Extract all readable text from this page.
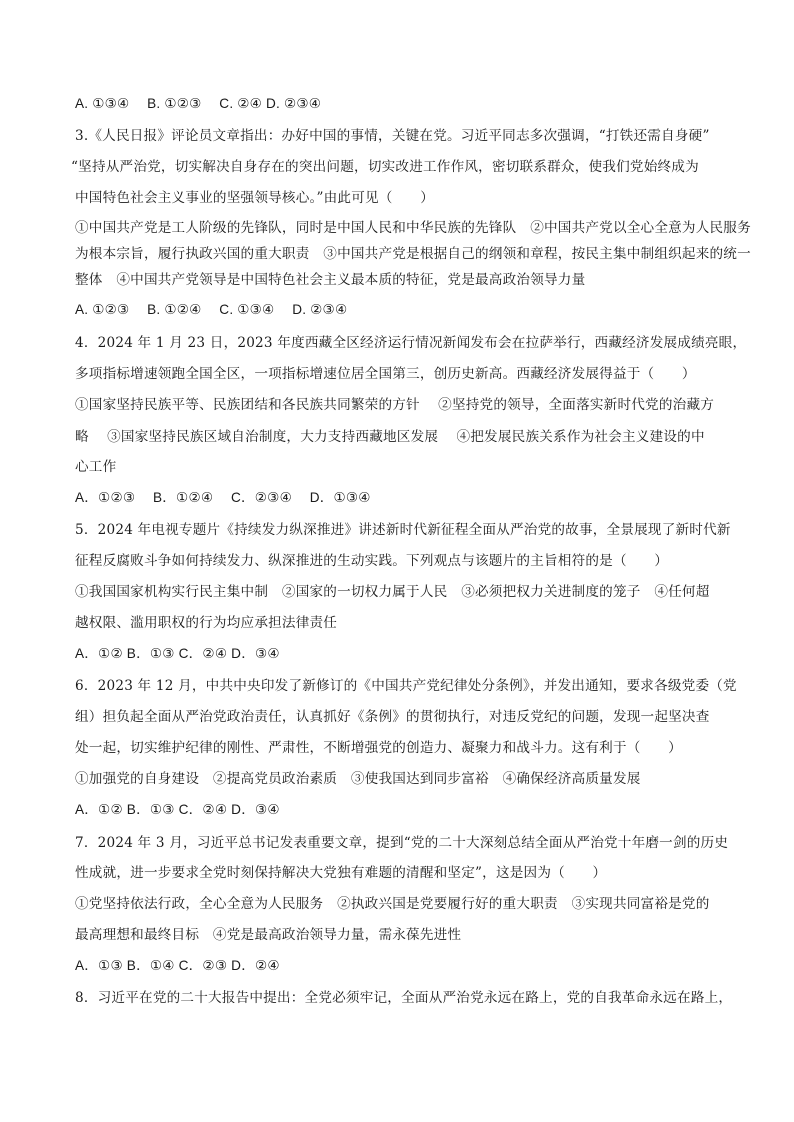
A. ①③④　 B. ①②③　 C. ②④ D. ②③④
3.《人民日报》评论员文章指出：办好中国的事情，关键在党。习近平同志多次强调，“打铁还需自身硬”
“坚持从严治党，切实解决自身存在的突出问题，切实改进工作作风，密切联系群众，使我们党始终成为
中国特色社会主义事业的坚强领导核心。”由此可见（　　）
①中国共产党是工人阶级的先锋队，同时是中国人民和中华民族的先锋队　②中国共产党以全心全意为人民服务
为根本宗旨，履行执政兴国的重大职责　③中国共产党是根据自己的纲领和章程，按民主集中制组织起来的统一
整体　④中国共产党领导是中国特色社会主义最本质的特征，党是最高政治领导力量
A. ①②③　 B. ①②④　 C. ①③④　 D. ②③④
4．2024 年 1 月 23 日，2023 年度西藏全区经济运行情况新闻发布会在拉萨举行，西藏经济发展成绩亮眼，
多项指标增速领跑全国全区，一项指标增速位居全国第三，创历史新高。西藏经济发展得益于（　　）
①国家坚持民族平等、民族团结和各民族共同繁荣的方针　 ②坚持党的领导，全面落实新时代党的治藏方
略　 ③国家坚持民族区域自治制度，大力支持西藏地区发展　 ④把发展民族关系作为社会主义建设的中
心工作
A．①②③　 B．①②④　 C．②③④　 D．①③④
5．2024 年电视专题片《持续发力纵深推进》讲述新时代新征程全面从严治党的故事，全景展现了新时代新
征程反腐败斗争如何持续发力、纵深推进的生动实践。下列观点与该题片的主旨相符的是（　　）
①我国国家机构实行民主集中制　②国家的一切权力属于人民　③必须把权力关进制度的笼子　④任何超
越权限、滥用职权的行为均应承担法律责任
A．①② B．①③ C．②④ D．③④
6．2023 年 12 月，中共中央印发了新修订的《中国共产党纪律处分条例》，并发出通知，要求各级党委（党
组）担负起全面从严治党政治责任，认真抓好《条例》的贯彻执行，对违反党纪的问题，发现一起坚决查
处一起，切实维护纪律的刚性、严肃性，不断增强党的创造力、凝聚力和战斗力。这有利于（　　）
①加强党的自身建设　②提高党员政治素质　③使我国达到同步富裕　④确保经济高质量发展
A．①② B．①③ C．②④ D．③④
7．2024 年 3 月，习近平总书记发表重要文章，提到“党的二十大深刻总结全面从严治党十年磨一剑的历史
性成就，进一步要求全党时刻保持解决大党独有难题的清醒和坚定”，这是因为（　　）
①党坚持依法行政，全心全意为人民服务　②执政兴国是党要履行好的重大职责　③实现共同富裕是党的
最高理想和最终目标　④党是最高政治领导力量，需永葆先进性
A．①③ B．①④ C．②③ D．②④
8．习近平在党的二十大报告中提出：全党必须牢记，全面从严治党永远在路上，党的自我革命永远在路上，
